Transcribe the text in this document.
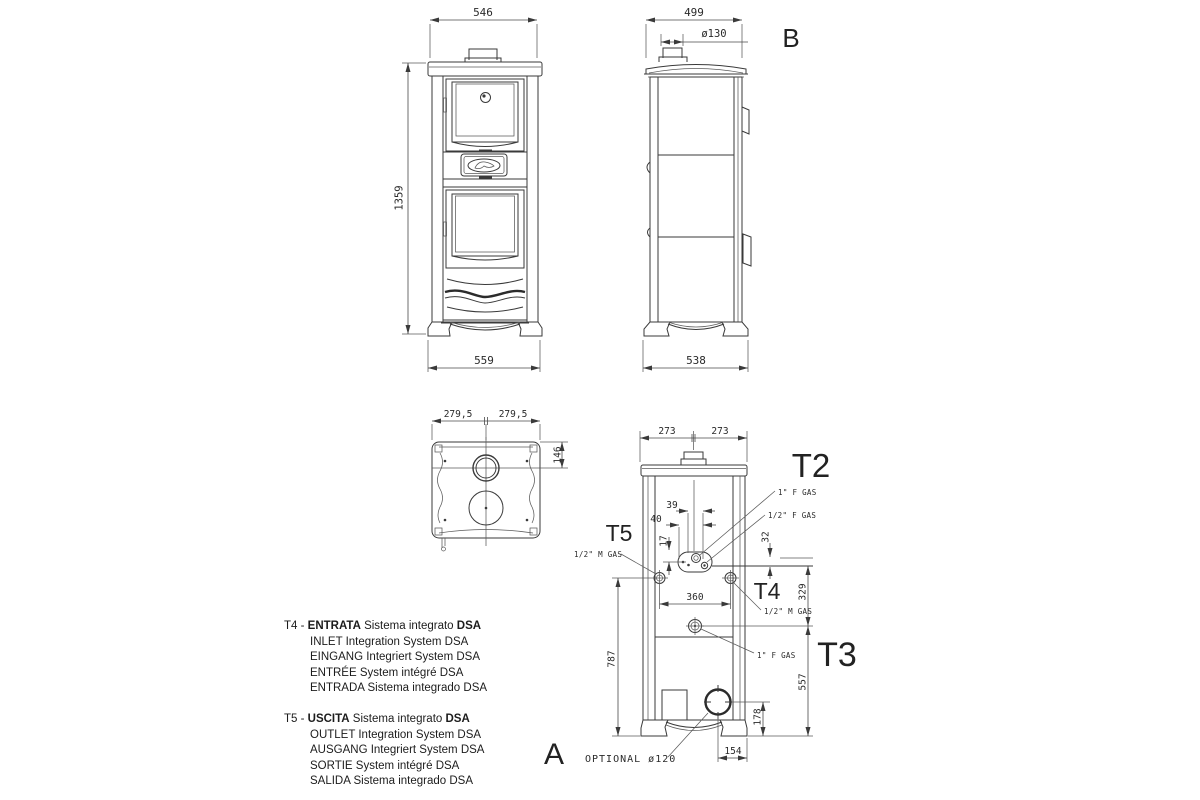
546
1359
559
499
ø130 B
538
279,5	279,5
146
273	273
39
40
17	32
360	329
557
178
154
787
1" F GAS
1/2" F GAS
1/2" M GAS
1/2" M GAS
1" F GAS
OPTIONAL ø120
T2
T3
T4
T5
A
T4 - ENTRATA Sistema integrato DSA
INLET Integration System DSA
EINGANG Integriert System DSA
ENTRÉE System intégré DSA
ENTRADA Sistema integrado DSA
T5 - USCITA Sistema integrato DSA
OUTLET Integration System DSA
AUSGANG Integriert System DSA
SORTIE System intégré DSA
SALIDA Sistema integrado DSA
